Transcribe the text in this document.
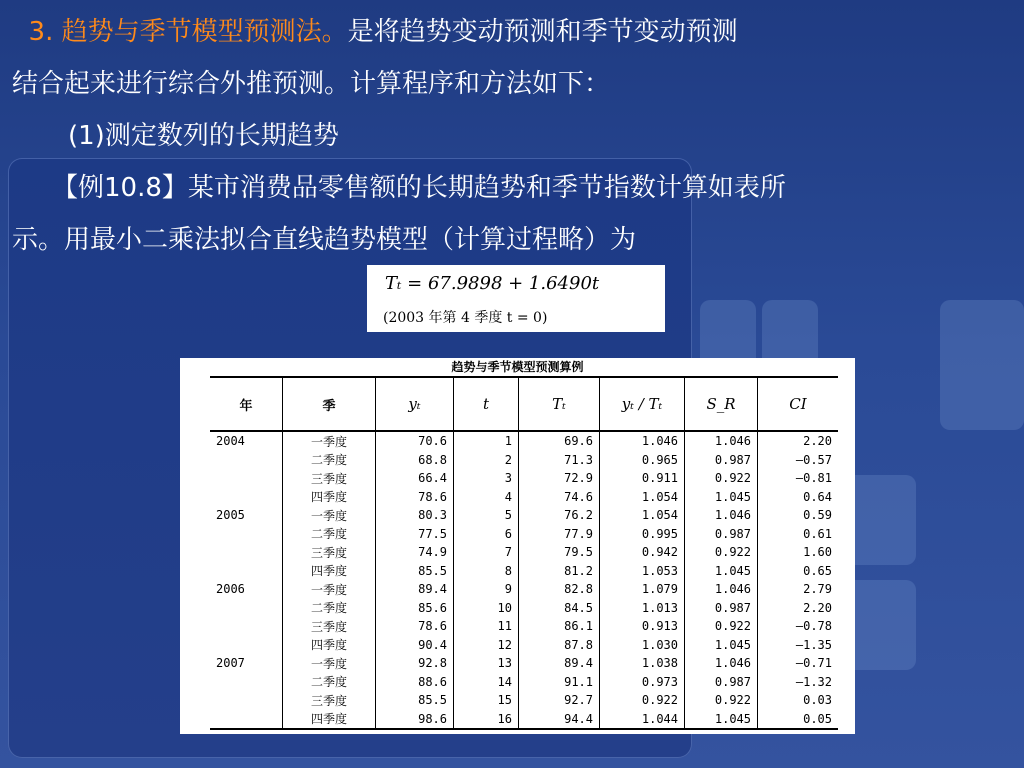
3. 趋势与季节模型预测法。是将趋势变动预测和季节变动预测

结合起来进行综合外推预测。计算程序和方法如下：

(1)测定数列的长期趋势

【例10.8】某市消费品零售额的长期趋势和季节指数计算如表所

示。用最小二乘法拟合直线趋势模型（计算过程略）为

Tₜ = 67.9898 + 1.6490t
(2003 年第 4 季度 t = 0)
趋势与季节模型预测算例
年	季	yₜ	t	Tₜ	yₜ / Tₜ	S_R	CI
2004	一季度	70.6	1	69.6	1.046	1.046	2.20
	二季度	68.8	2	71.3	0.965	0.987	—0.57
	三季度	66.4	3	72.9	0.911	0.922	—0.81
	四季度	78.6	4	74.6	1.054	1.045	0.64
2005	一季度	80.3	5	76.2	1.054	1.046	0.59
	二季度	77.5	6	77.9	0.995	0.987	0.61
	三季度	74.9	7	79.5	0.942	0.922	1.60
	四季度	85.5	8	81.2	1.053	1.045	0.65
2006	一季度	89.4	9	82.8	1.079	1.046	2.79
	二季度	85.6	10	84.5	1.013	0.987	2.20
	三季度	78.6	11	86.1	0.913	0.922	—0.78
	四季度	90.4	12	87.8	1.030	1.045	—1.35
2007	一季度	92.8	13	89.4	1.038	1.046	—0.71
	二季度	88.6	14	91.1	0.973	0.987	—1.32
	三季度	85.5	15	92.7	0.922	0.922	0.03
	四季度	98.6	16	94.4	1.044	1.045	0.05
